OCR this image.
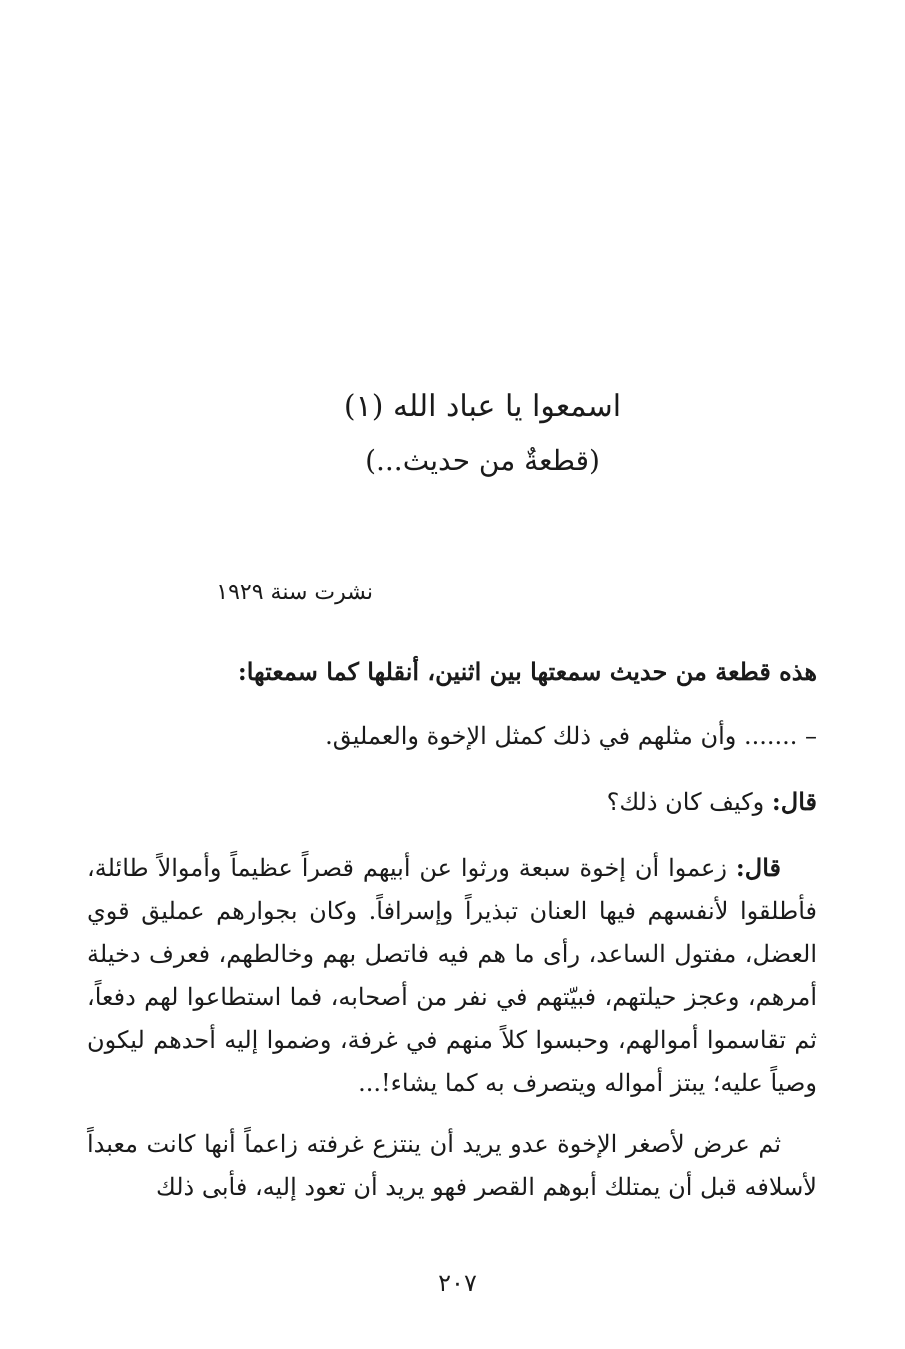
اسمعوا يا عباد الله (١)

(قطعةٌ من حديث...)

نشرت سنة ١٩٢٩

هذه قطعة من حديث سمعتها بين اثنين، أنقلها كما سمعتها:

– ....... وأن مثلهم في ذلك كمثل الإخوة والعمليق.

قال: وكيف كان ذلك؟

قال: زعموا أن إخوة سبعة ورثوا عن أبيهم قصراً عظيماً وأموالاً طائلة، فأطلقوا لأنفسهم فيها العنان تبذيراً وإسرافاً. وكان بجوارهم عمليق قوي العضل، مفتول الساعد، رأى ما هم فيه فاتصل بهم وخالطهم، فعرف دخيلة أمرهم، وعجز حيلتهم، فبيّتهم في نفر من أصحابه، فما استطاعوا لهم دفعاً، ثم تقاسموا أموالهم، وحبسوا كلاً منهم في غرفة، وضموا إليه أحدهم ليكون وصياً عليه؛ يبتز أمواله ويتصرف به كما يشاء!...

ثم عرض لأصغر الإخوة عدو يريد أن ينتزع غرفته زاعماً أنها كانت معبداً لأسلافه قبل أن يمتلك أبوهم القصر فهو يريد أن تعود إليه، فأبى ذلك

٢٠٧
